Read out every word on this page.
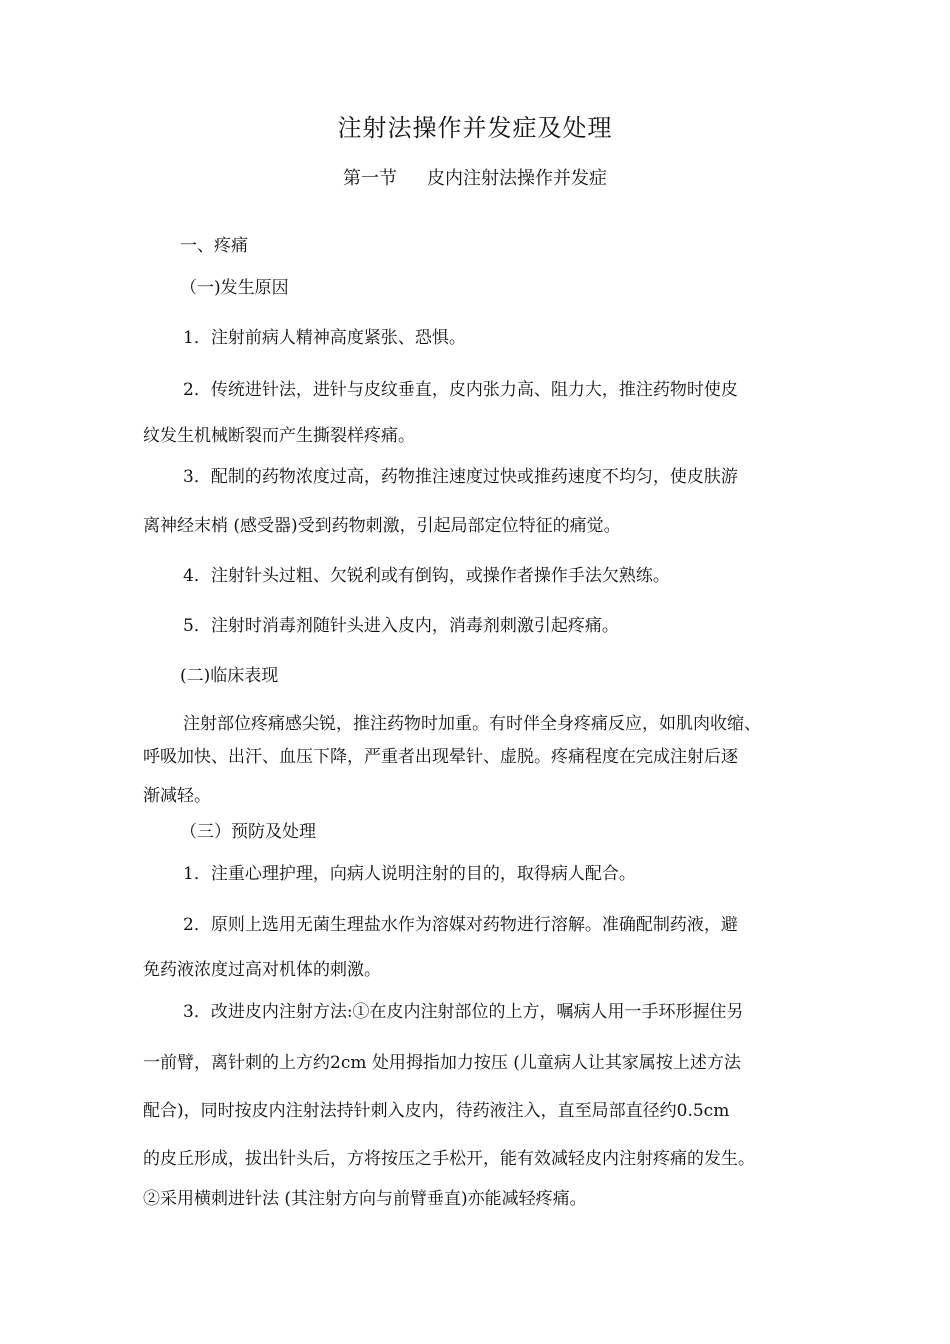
注射法操作并发症及处理
第一节 皮内注射法操作并发症
一、疼痛
（一)发生原因
1．注射前病人精神高度紧张、恐惧。
2．传统进针法，进针与皮纹垂直，皮内张力高、阻力大，推注药物时使皮
纹发生机械断裂而产生撕裂样疼痛。
3．配制的药物浓度过高，药物推注速度过快或推药速度不均匀，使皮肤游
离神经末梢 (感受器)受到药物刺激，引起局部定位特征的痛觉。
4．注射针头过粗、欠锐利或有倒钩，或操作者操作手法欠熟练。
5．注射时消毒剂随针头进入皮内，消毒剂刺激引起疼痛。
(二)临床表现
注射部位疼痛感尖锐，推注药物时加重。有时伴全身疼痛反应，如肌肉收缩、
呼吸加快、出汗、血压下降，严重者出现晕针、虚脱。疼痛程度在完成注射后逐
渐减轻。
（三）预防及处理
1．注重心理护理，向病人说明注射的目的，取得病人配合。
2．原则上选用无菌生理盐水作为溶媒对药物进行溶解。准确配制药液，避
免药液浓度过高对机体的刺激。
3．改进皮内注射方法:①在皮内注射部位的上方，嘱病人用一手环形握住另
一前臂，离针刺的上方约2cm 处用拇指加力按压 (儿童病人让其家属按上述方法
配合)，同时按皮内注射法持针刺入皮内，待药液注入，直至局部直径约0.5cm
的皮丘形成，拔出针头后，方将按压之手松开，能有效减轻皮内注射疼痛的发生。
②采用横刺进针法 (其注射方向与前臂垂直)亦能减轻疼痛。
